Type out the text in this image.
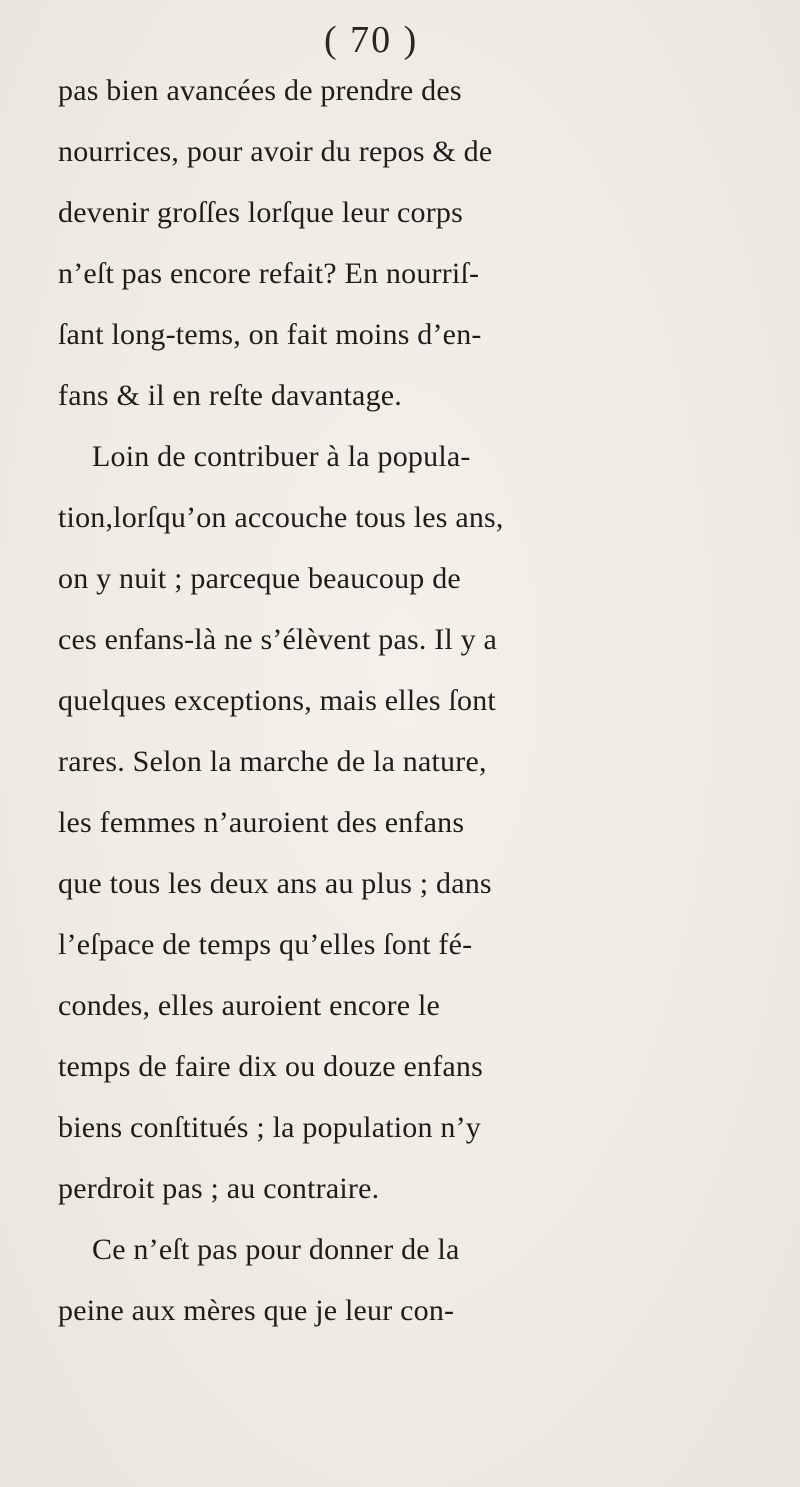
( 70 )
pas bien avancées de prendre des
nourrices, pour avoir du repos & de
devenir groſſes lorſque leur corps
n’eſt pas encore refait? En nourriſ-
ſant long-tems, on fait moins d’en-
fans & il en reſte davantage.
Loin de contribuer à la popula-
tion,lorſqu’on accouche tous les ans,
on y nuit ; parceque beaucoup de
ces enfans-là ne s’élèvent pas. Il y a
quelques exceptions, mais elles ſont
rares. Selon la marche de la nature,
les femmes n’auroient des enfans
que tous les deux ans au plus ; dans
l’eſpace de temps qu’elles ſont fé-
condes, elles auroient encore le
temps de faire dix ou douze enfans
biens conſtitués ; la population n’y
perdroit pas ; au contraire.
Ce n’eſt pas pour donner de la
peine aux mères que je leur con-
